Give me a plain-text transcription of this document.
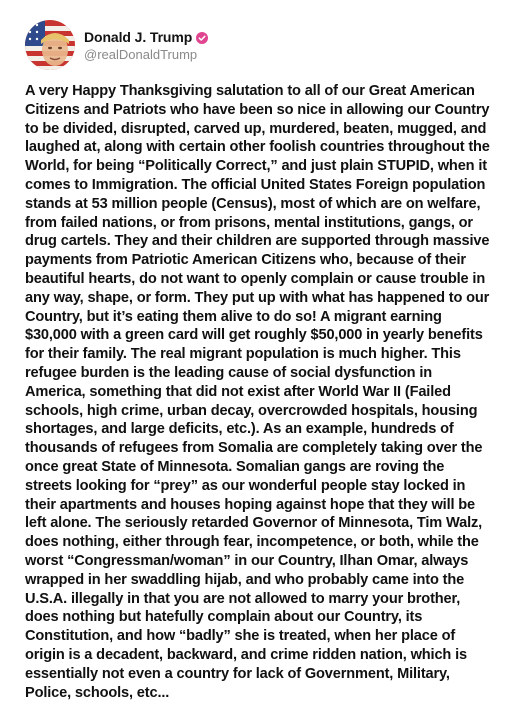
Donald J. Trump
@realDonaldTrump
A very Happy Thanksgiving salutation to all of our Great American Citizens and Patriots who have been so nice in allowing our Country to be divided, disrupted, carved up, murdered, beaten, mugged, and laughed at, along with certain other foolish countries throughout the World, for being “Politically Correct,” and just plain STUPID, when it comes to Immigration. The official United States Foreign population stands at 53 million people (Census), most of which are on welfare, from failed nations, or from prisons, mental institutions, gangs, or drug cartels. They and their children are supported through massive payments from Patriotic American Citizens who, because of their beautiful hearts, do not want to openly complain or cause trouble in any way, shape, or form. They put up with what has happened to our Country, but it’s eating them alive to do so! A migrant earning $30,000 with a green card will get roughly $50,000 in yearly benefits for their family. The real migrant population is much higher. This refugee burden is the leading cause of social dysfunction in America, something that did not exist after World War II (Failed schools, high crime, urban decay, overcrowded hospitals, housing shortages, and large deficits, etc.). As an example, hundreds of thousands of refugees from Somalia are completely taking over the once great State of Minnesota. Somalian gangs are roving the streets looking for “prey” as our wonderful people stay locked in their apartments and houses hoping against hope that they will be left alone. The seriously retarded Governor of Minnesota, Tim Walz, does nothing, either through fear, incompetence, or both, while the worst “Congressman/woman” in our Country, Ilhan Omar, always wrapped in her swaddling hijab, and who probably came into the U.S.A. illegally in that you are not allowed to marry your brother, does nothing but hatefully complain about our Country, its Constitution, and how “badly” she is treated, when her place of origin is a decadent, backward, and crime ridden nation, which is essentially not even a country for lack of Government, Military, Police, schools, etc...
